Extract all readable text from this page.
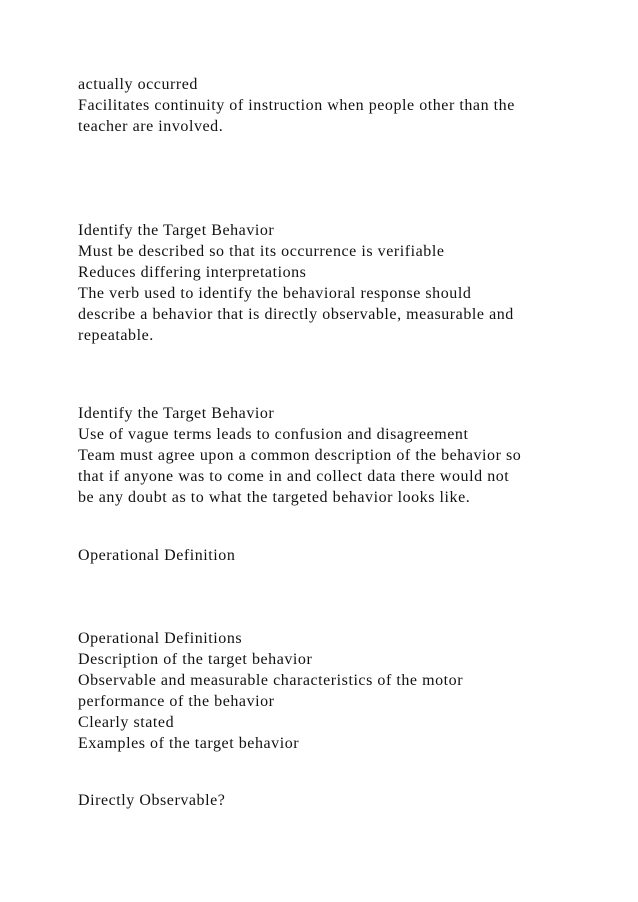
actually occurred
Facilitates continuity of instruction when people other than the
teacher are involved.
Identify the Target Behavior
Must be described so that its occurrence is verifiable
Reduces differing interpretations
The verb used to identify the behavioral response should
describe a behavior that is directly observable, measurable and
repeatable.
Identify the Target Behavior
Use of vague terms leads to confusion and disagreement
Team must agree upon a common description of the behavior so
that if anyone was to come in and collect data there would not
be any doubt as to what the targeted behavior looks like.
Operational Definition
Operational Definitions
Description of the target behavior
Observable and measurable characteristics of the motor
performance of the behavior
Clearly stated
Examples of the target behavior
Directly Observable?
